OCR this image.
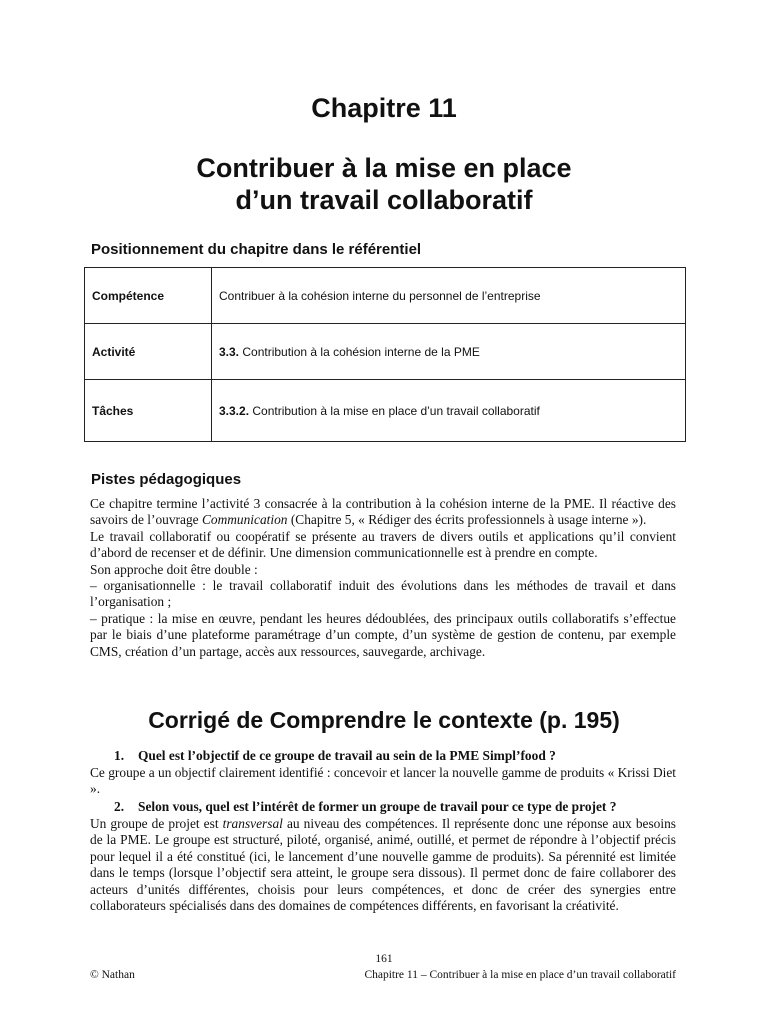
Chapitre 11
Contribuer à la mise en place
d’un travail collaboratif
Positionnement du chapitre dans le référentiel
Compétence	Contribuer à la cohésion interne du personnel de l’entreprise
Activité	3.3. Contribution à la cohésion interne de la PME
Tâches	3.3.2. Contribution à la mise en place d’un travail collaboratif
Pistes pédagogiques

Ce chapitre termine l’activité 3 consacrée à la contribution à la cohésion interne de la PME. Il réactive des savoirs de l’ouvrage Communication (Chapitre 5, « Rédiger des écrits professionnels à usage interne »).

Le travail collaboratif ou coopératif se présente au travers de divers outils et applications qu’il convient d’abord de recenser et de définir. Une dimension communicationnelle est à prendre en compte.

Son approche doit être double :

– organisationnelle : le travail collaboratif induit des évolutions dans les méthodes de travail et dans l’organisation ;

– pratique : la mise en œuvre, pendant les heures dédoublées, des principaux outils collaboratifs s’effectue par le biais d’une plateforme paramétrage d’un compte, d’un système de gestion de contenu, par exemple CMS, création d’un partage, accès aux ressources, sauvegarde, archivage.

Corrigé de Comprendre le contexte (p. 195)

1. Quel est l’objectif de ce groupe de travail au sein de la PME Simpl’food ?

Ce groupe a un objectif clairement identifié : concevoir et lancer la nouvelle gamme de produits « Krissi Diet ».

2. Selon vous, quel est l’intérêt de former un groupe de travail pour ce type de projet ?

Un groupe de projet est transversal au niveau des compétences. Il représente donc une réponse aux besoins de la PME. Le groupe est structuré, piloté, organisé, animé, outillé, et permet de répondre à l’objectif précis pour lequel il a été constitué (ici, le lancement d’une nouvelle gamme de produits). Sa pérennité est limitée dans le temps (lorsque l’objectif sera atteint, le groupe sera dissous). Il permet donc de faire collaborer des acteurs d’unités différentes, choisis pour leurs compétences, et donc de créer des synergies entre collaborateurs spécialisés dans des domaines de compétences différents, en favorisant la créativité.

161
© Nathan	Chapitre 11 – Contribuer à la mise en place d’un travail collaboratif
